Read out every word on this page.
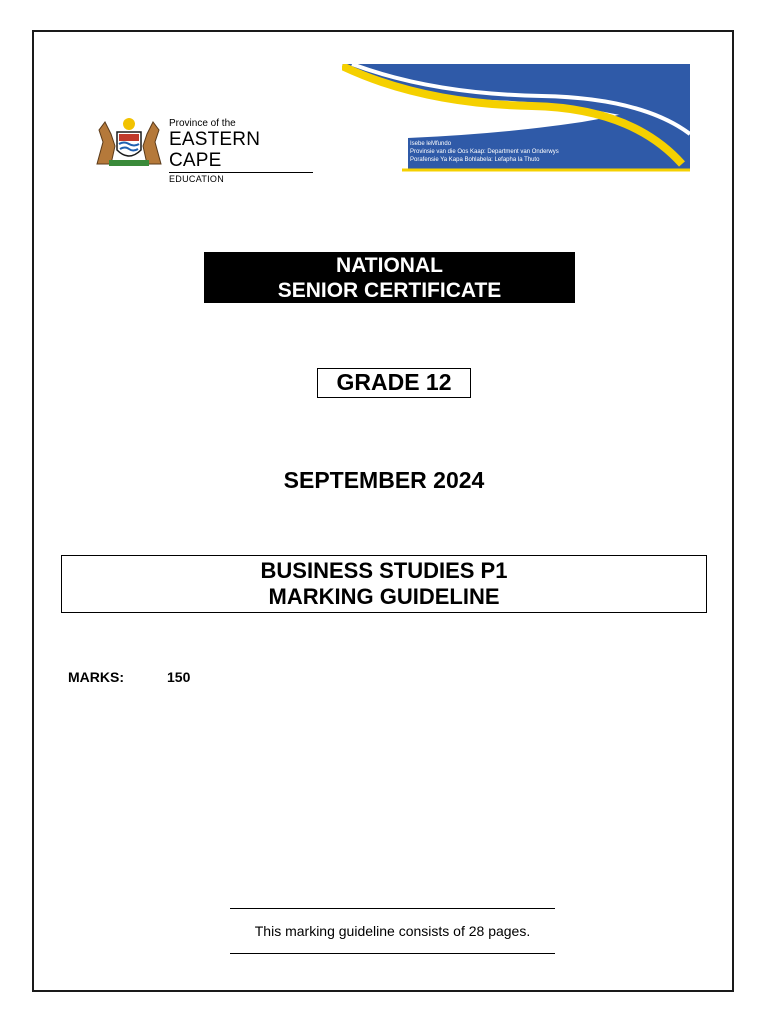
Province of the
EASTERN CAPE
EDUCATION
Isebe leMfundo
Provinsie van die Oos Kaap: Department van Onderwys
Porafensie Ya Kapa Bohlabela: Lefapha la Thuto
NATIONAL
SENIOR CERTIFICATE
GRADE 12
SEPTEMBER 2024
BUSINESS STUDIES P1
MARKING GUIDELINE
MARKS:	150
This marking guideline consists of 28 pages.
